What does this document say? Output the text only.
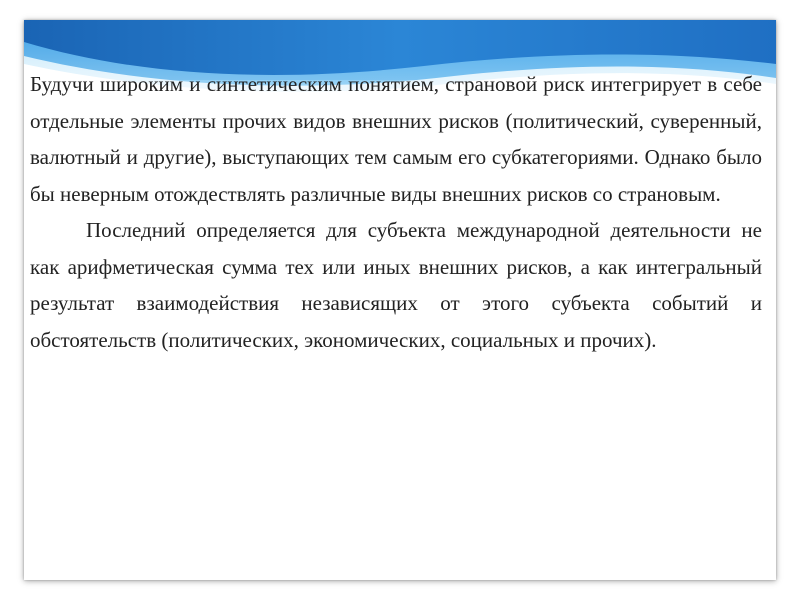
Будучи широким и синтетическим понятием, страновой риск интегрирует в себе отдельные элементы прочих видов внешних рисков (политический, суверенный, валютный и другие), выступающих тем самым его субкатегориями. Однако было бы неверным отождествлять различные виды внешних рисков со страновым.

Последний определяется для субъекта международной деятельности не как арифметическая сумма тех или иных внешних рисков, а как интегральный результат взаимодействия независящих от этого субъекта событий и обстоятельств (политических, экономических, социальных и прочих).
